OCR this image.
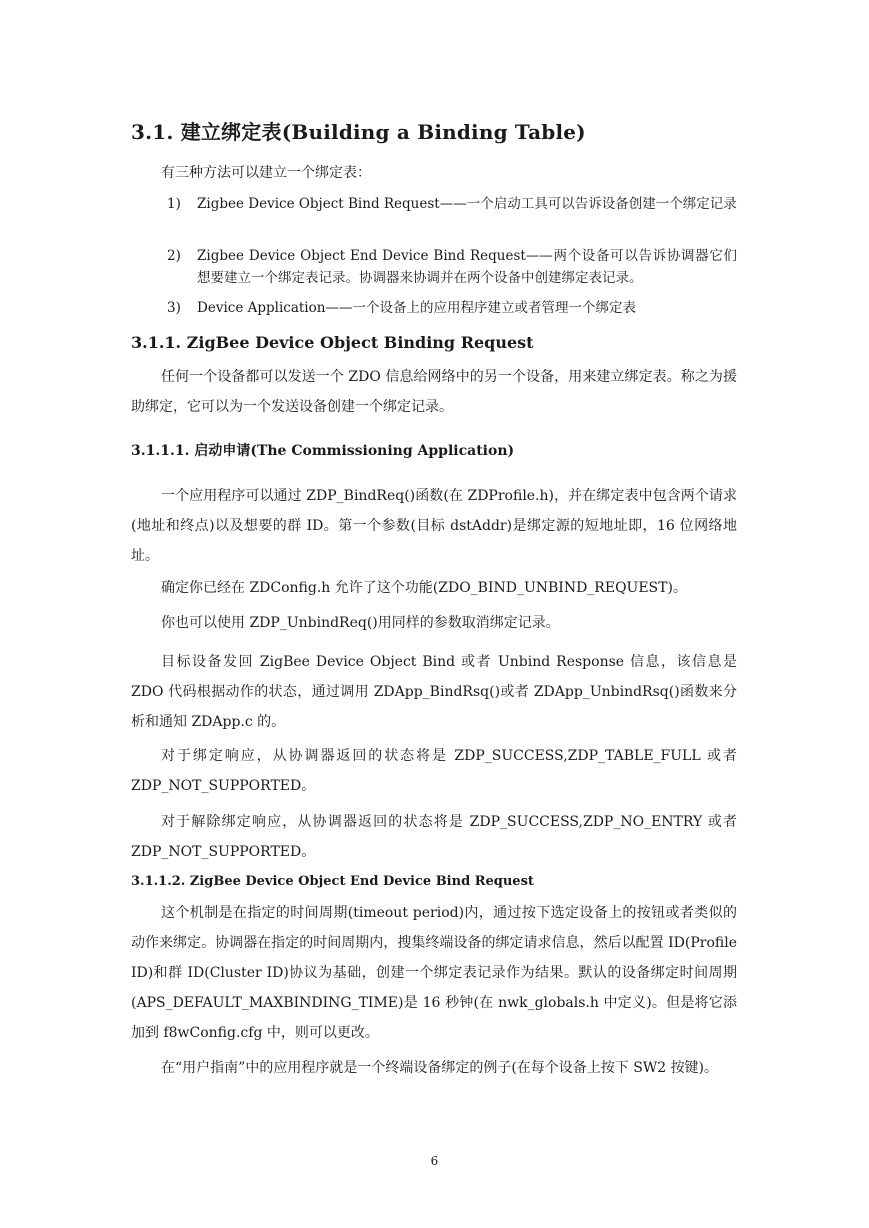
3.1. 建立绑定表(Building a Binding Table)
有三种方法可以建立一个绑定表：
1) Zigbee Device Object Bind Request——一个启动工具可以告诉设备创建一个绑定记录
2) Zigbee Device Object End Device Bind Request——两个设备可以告诉协调器它们想要建立一个绑定表记录。协调器来协调并在两个设备中创建绑定表记录。
3) Device Application——一个设备上的应用程序建立或者管理一个绑定表
3.1.1. ZigBee Device Object Binding Request

任何一个设备都可以发送一个 ZDO 信息给网络中的另一个设备，用来建立绑定表。称之为援助绑定，它可以为一个发送设备创建一个绑定记录。

3.1.1.1. 启动申请(The Commissioning Application)

一个应用程序可以通过 ZDP_BindReq()函数(在 ZDProfile.h)，并在绑定表中包含两个请求(地址和终点)以及想要的群 ID。第一个参数(目标 dstAddr)是绑定源的短地址即，16 位网络地址。

确定你已经在 ZDConfig.h 允许了这个功能(ZDO_BIND_UNBIND_REQUEST)。

你也可以使用 ZDP_UnbindReq()用同样的参数取消绑定记录。

目标设备发回 ZigBee Device Object Bind 或者 Unbind Response 信息，该信息是 ZDO 代码根据动作的状态，通过调用 ZDApp_BindRsq()或者 ZDApp_UnbindRsq()函数来分析和通知 ZDApp.c 的。

对于绑定响应，从协调器返回的状态将是 ZDP_SUCCESS,ZDP_TABLE_FULL 或者 ZDP_NOT_SUPPORTED。

对于解除绑定响应，从协调器返回的状态将是 ZDP_SUCCESS,ZDP_NO_ENTRY 或者 ZDP_NOT_SUPPORTED。

3.1.1.2. ZigBee Device Object End Device Bind Request

这个机制是在指定的时间周期(timeout period)内，通过按下选定设备上的按钮或者类似的动作来绑定。协调器在指定的时间周期内，搜集终端设备的绑定请求信息，然后以配置 ID(Profile ID)和群 ID(Cluster ID)协议为基础，创建一个绑定表记录作为结果。默认的设备绑定时间周期(APS_DEFAULT_MAXBINDING_TIME)是 16 秒钟(在 nwk_globals.h 中定义)。但是将它添加到 f8wConfig.cfg 中，则可以更改。

在“用户指南”中的应用程序就是一个终端设备绑定的例子(在每个设备上按下 SW2 按键)。

6
